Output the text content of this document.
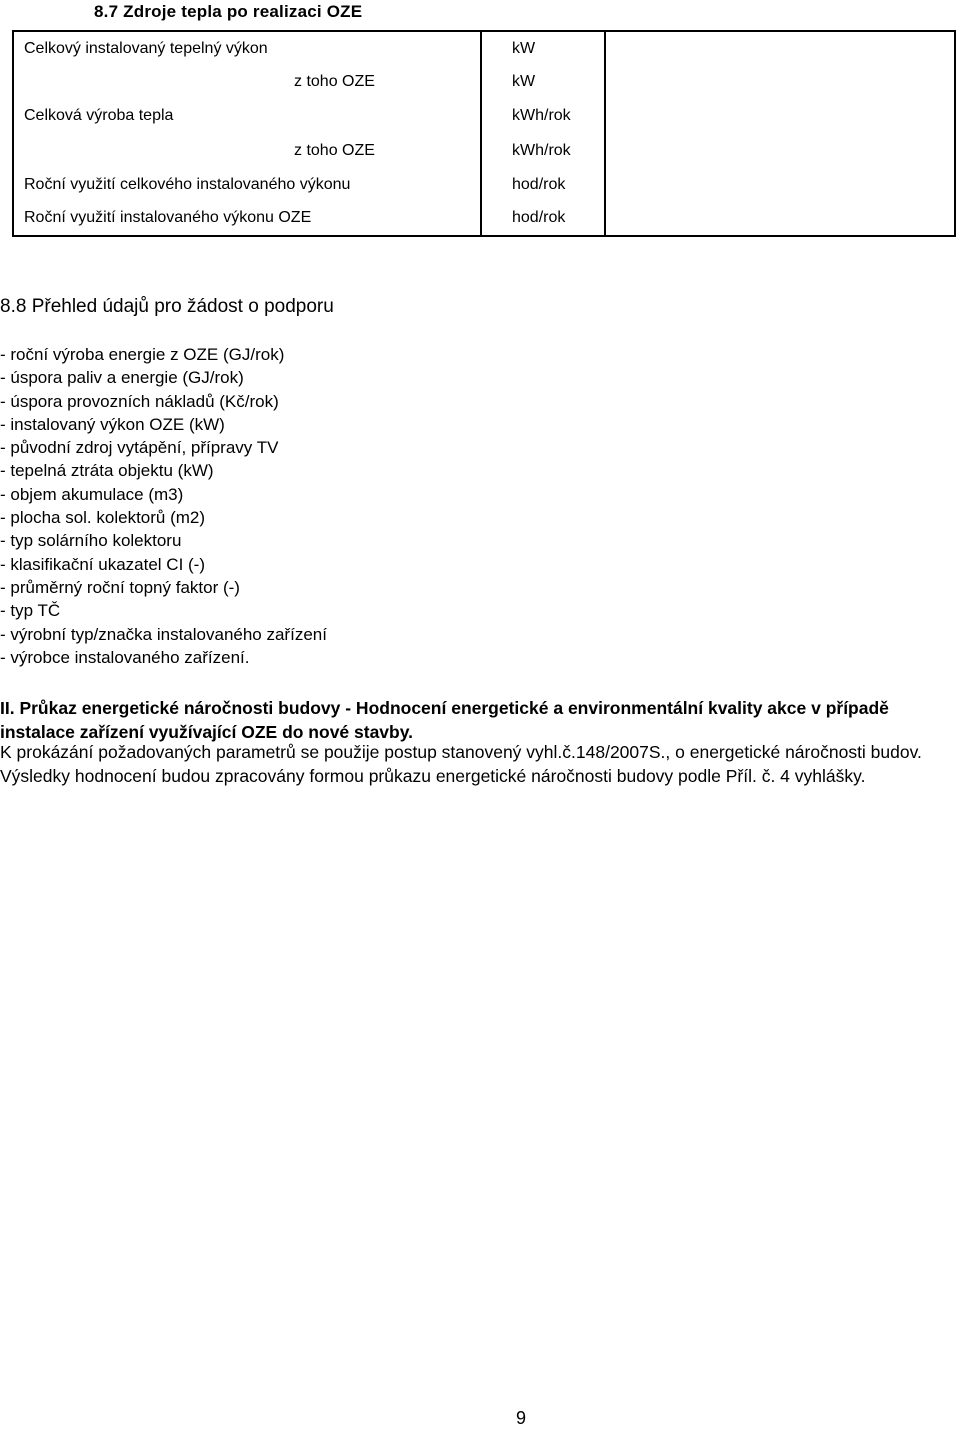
8.7 Zdroje tepla po realizaci OZE
Celkový instalovaný tepelný výkon	kW	
z toho OZE	kW	
Celková výroba tepla	kWh/rok	
z toho OZE	kWh/rok	
Roční využití celkového instalovaného výkonu	hod/rok	
Roční využití instalovaného výkonu OZE	hod/rok	
8.8 Přehled údajů pro žádost o podporu
- roční výroba energie z OZE (GJ/rok)
- úspora paliv a energie (GJ/rok)
- úspora provozních nákladů (Kč/rok)
- instalovaný výkon OZE (kW)
- původní zdroj vytápění, přípravy TV
- tepelná ztráta objektu (kW)
- objem akumulace (m3)
- plocha sol. kolektorů (m2)
- typ solárního kolektoru
- klasifikační ukazatel CI (-)
- průměrný roční topný faktor (-)
- typ TČ
- výrobní typ/značka instalovaného zařízení
- výrobce instalovaného zařízení.
II. Průkaz energetické náročnosti budovy - Hodnocení energetické a environmentální kvality akce v případě instalace zařízení využívající OZE do nové stavby.
K prokázání požadovaných parametrů se použije postup stanovený vyhl.č.148/2007S., o energetické náročnosti budov. Výsledky hodnocení budou zpracovány formou průkazu energetické náročnosti budovy podle Příl. č. 4 vyhlášky.
9
